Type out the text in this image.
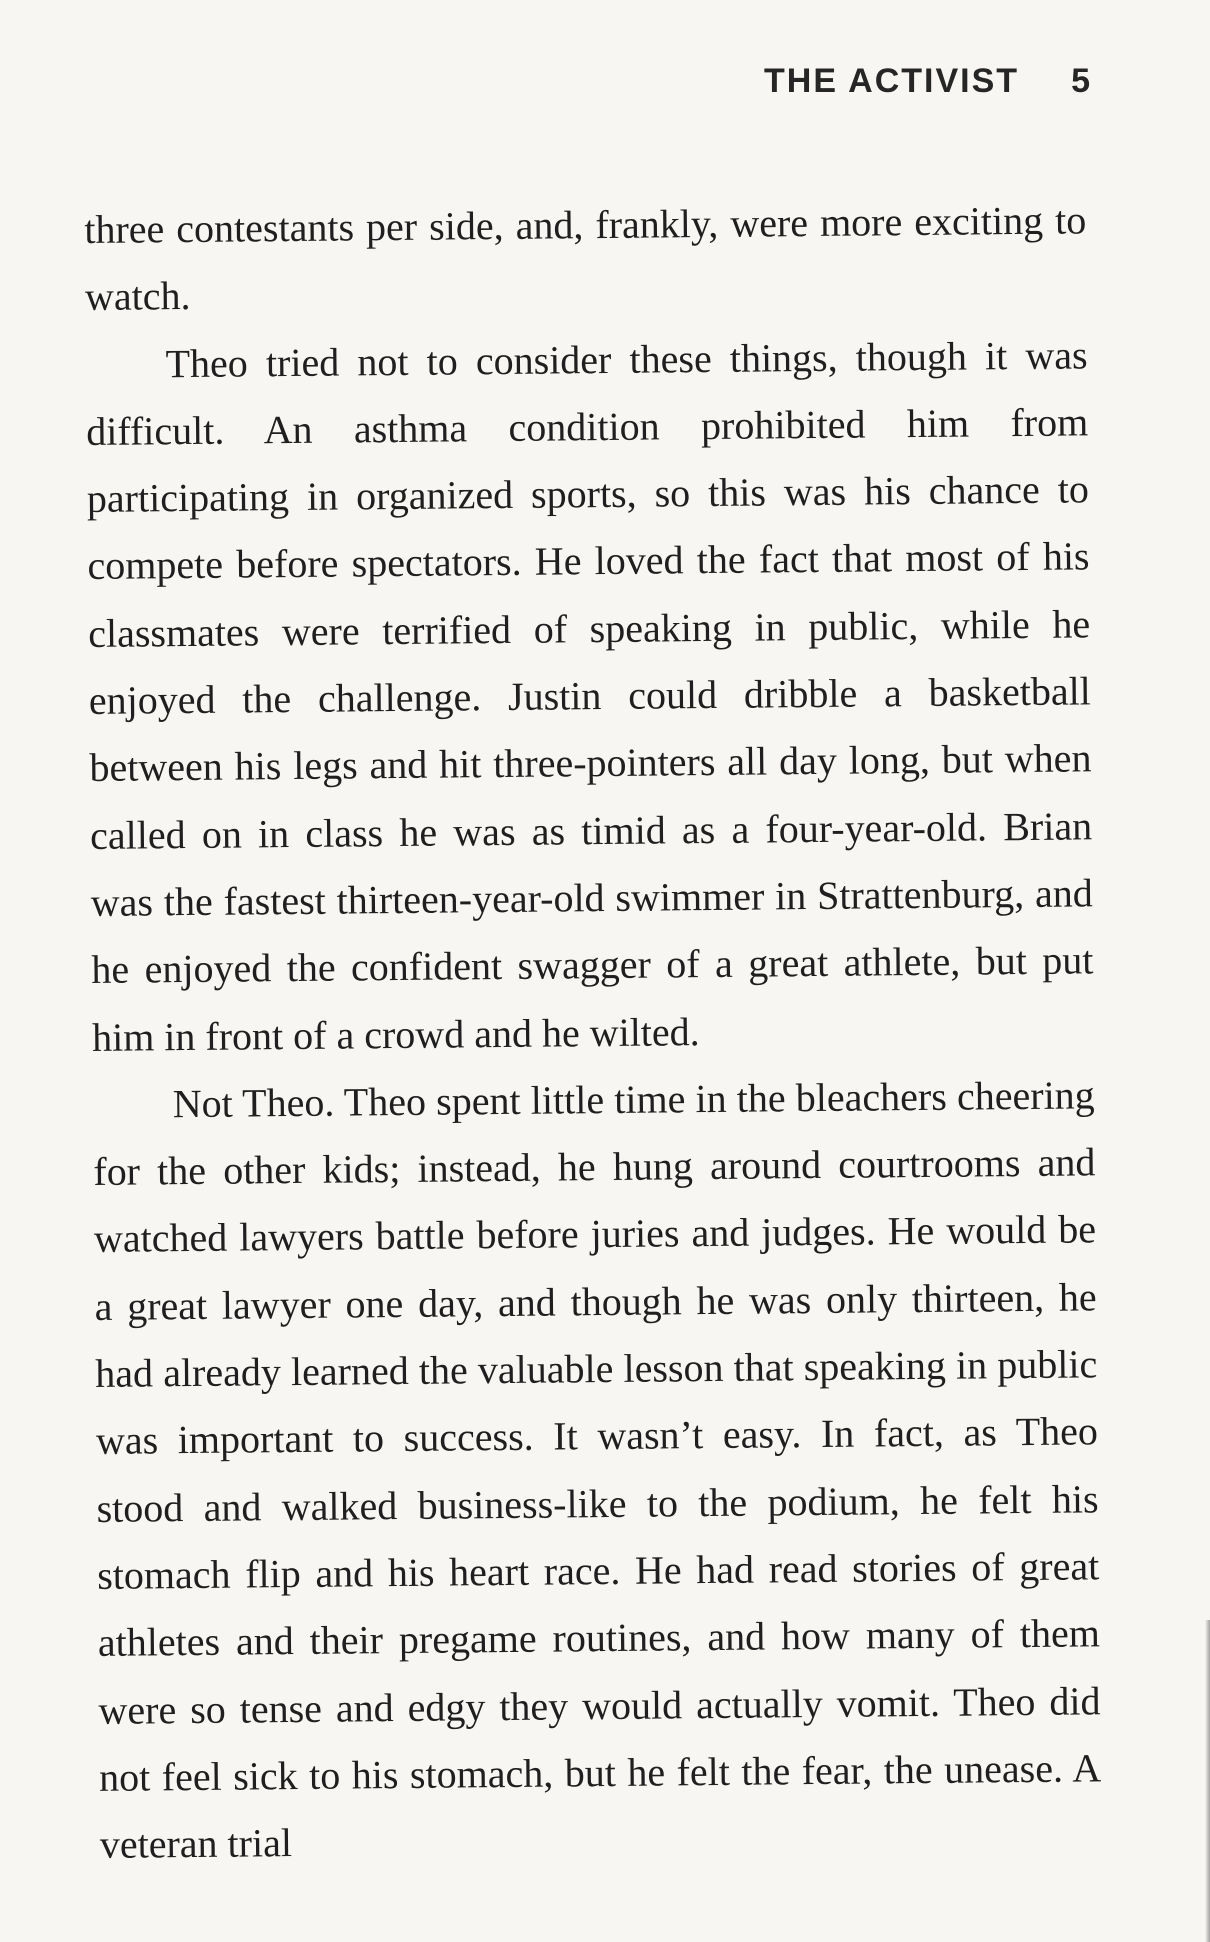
THE ACTIVIST 5

three contestants per side, and, frankly, were more exciting to watch.

Theo tried not to consider these things, though it was difficult. An asthma condition prohibited him from participating in organized sports, so this was his chance to compete before spectators. He loved the fact that most of his classmates were terrified of speaking in public, while he enjoyed the challenge. Justin could dribble a basketball between his legs and hit three-pointers all day long, but when called on in class he was as timid as a four-year-old. Brian was the fastest thirteen-year-old swimmer in Strattenburg, and he enjoyed the confident swagger of a great athlete, but put him in front of a crowd and he wilted.

Not Theo. Theo spent little time in the bleachers cheering for the other kids; instead, he hung around courtrooms and watched lawyers battle before juries and judges. He would be a great lawyer one day, and though he was only thirteen, he had already learned the valuable lesson that speaking in public was important to success. It wasn’t easy. In fact, as Theo stood and walked business-like to the podium, he felt his stomach flip and his heart race. He had read stories of great athletes and their pregame routines, and how many of them were so tense and edgy they would actually vomit. Theo did not feel sick to his stomach, but he felt the fear, the unease. A veteran trial
